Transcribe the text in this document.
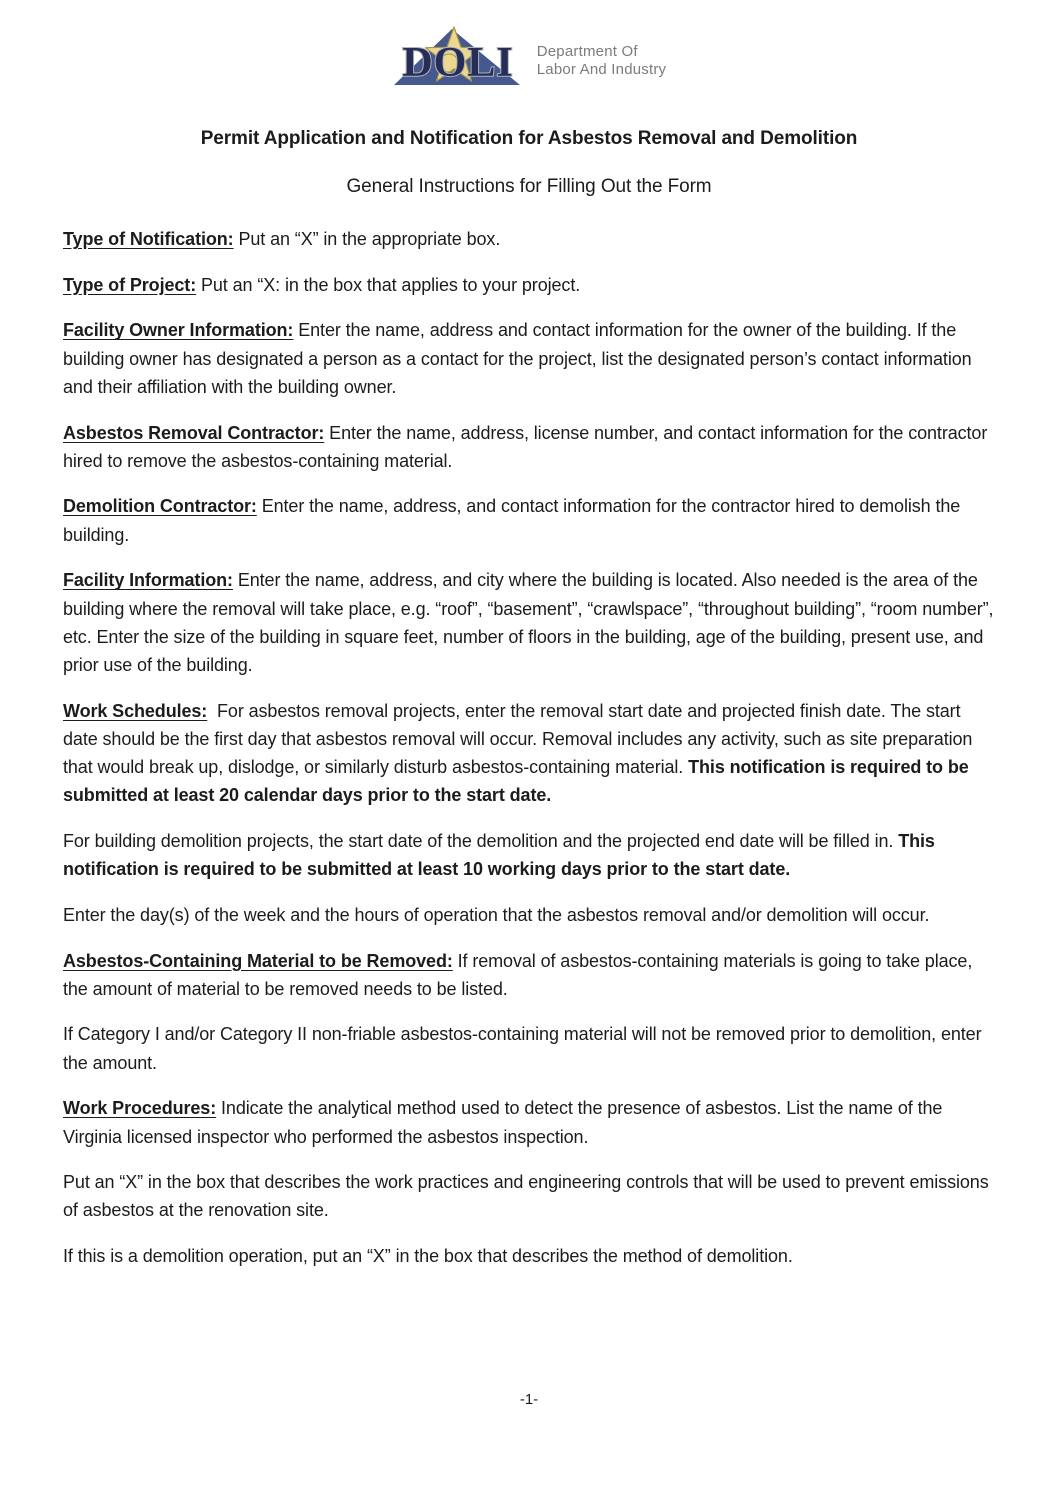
DOLI Department Of
Labor And Industry
Permit Application and Notification for Asbestos Removal and Demolition
General Instructions for Filling Out the Form

Type of Notification: Put an “X” in the appropriate box.

Type of Project: Put an “X: in the box that applies to your project.

Facility Owner Information: Enter the name, address and contact information for the owner of the building. If the building owner has designated a person as a contact for the project, list the designated person’s contact information and their affiliation with the building owner.

Asbestos Removal Contractor: Enter the name, address, license number, and contact information for the contractor hired to remove the asbestos-containing material.

Demolition Contractor: Enter the name, address, and contact information for the contractor hired to demolish the building.

Facility Information: Enter the name, address, and city where the building is located. Also needed is the area of the building where the removal will take place, e.g. “roof”, “basement”, “crawlspace”, “throughout building”, “room number”, etc. Enter the size of the building in square feet, number of floors in the building, age of the building, present use, and prior use of the building.

Work Schedules:  For asbestos removal projects, enter the removal start date and projected finish date. The start date should be the first day that asbestos removal will occur. Removal includes any activity, such as site preparation that would break up, dislodge, or similarly disturb asbestos-containing material. This notification is required to be submitted at least 20 calendar days prior to the start date.

For building demolition projects, the start date of the demolition and the projected end date will be filled in. This notification is required to be submitted at least 10 working days prior to the start date.

Enter the day(s) of the week and the hours of operation that the asbestos removal and/or demolition will occur.

Asbestos-Containing Material to be Removed: If removal of asbestos-containing materials is going to take place, the amount of material to be removed needs to be listed.

If Category I and/or Category II non-friable asbestos-containing material will not be removed prior to demolition, enter the amount.

Work Procedures: Indicate the analytical method used to detect the presence of asbestos. List the name of the Virginia licensed inspector who performed the asbestos inspection.

Put an “X” in the box that describes the work practices and engineering controls that will be used to prevent emissions of asbestos at the renovation site.

If this is a demolition operation, put an “X” in the box that describes the method of demolition.

-1-
